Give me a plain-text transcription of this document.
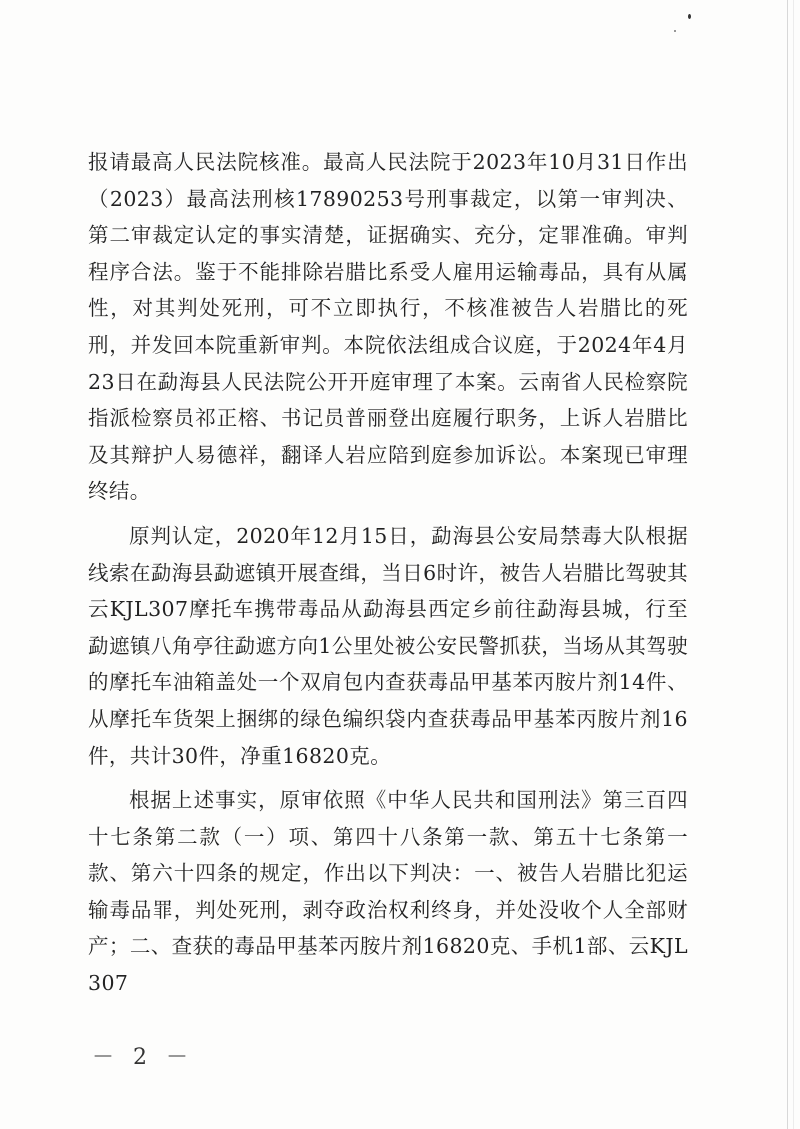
报请最高人民法院核准。最高人民法院于2023年10月31日作出（2023）最高法刑核17890253号刑事裁定，以第一审判决、第二审裁定认定的事实清楚，证据确实、充分，定罪准确。审判程序合法。鉴于不能排除岩腊比系受人雇用运输毒品，具有从属性，对其判处死刑，可不立即执行，不核准被告人岩腊比的死刑，并发回本院重新审判。本院依法组成合议庭，于2024年4月23日在勐海县人民法院公开开庭审理了本案。云南省人民检察院指派检察员祁正榕、书记员普丽登出庭履行职务，上诉人岩腊比及其辩护人易德祥，翻译人岩应陪到庭参加诉讼。本案现已审理终结。

原判认定，2020年12月15日，勐海县公安局禁毒大队根据线索在勐海县勐遮镇开展查缉，当日6时许，被告人岩腊比驾驶其云KJL307摩托车携带毒品从勐海县西定乡前往勐海县城，行至勐遮镇八角亭往勐遮方向1公里处被公安民警抓获，当场从其驾驶的摩托车油箱盖处一个双肩包内查获毒品甲基苯丙胺片剂14件、从摩托车货架上捆绑的绿色编织袋内查获毒品甲基苯丙胺片剂16件，共计30件，净重16820克。

根据上述事实，原审依照《中华人民共和国刑法》第三百四十七条第二款（一）项、第四十八条第一款、第五十七条第一款、第六十四条的规定，作出以下判决：一、被告人岩腊比犯运输毒品罪，判处死刑，剥夺政治权利终身，并处没收个人全部财产；二、查获的毒品甲基苯丙胺片剂16820克、手机1部、云KJL307

－ 2 －
